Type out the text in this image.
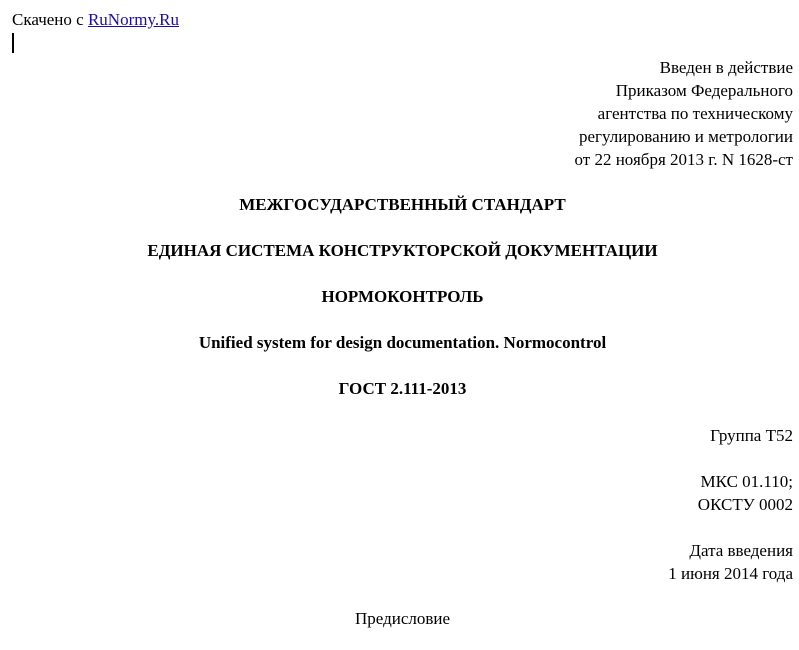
Скачено с RuNormy.Ru
Введен в действие
Приказом Федерального
агентства по техническому
регулированию и метрологии
от 22 ноября 2013 г. N 1628-ст
МЕЖГОСУДАРСТВЕННЫЙ СТАНДАРТ
ЕДИНАЯ СИСТЕМА КОНСТРУКТОРСКОЙ ДОКУМЕНТАЦИИ
НОРМОКОНТРОЛЬ
Unified system for design documentation. Normocontrol
ГОСТ 2.111-2013
Группа Т52
МКС 01.110;
ОКСТУ 0002
Дата введения
1 июня 2014 года
Предисловие
